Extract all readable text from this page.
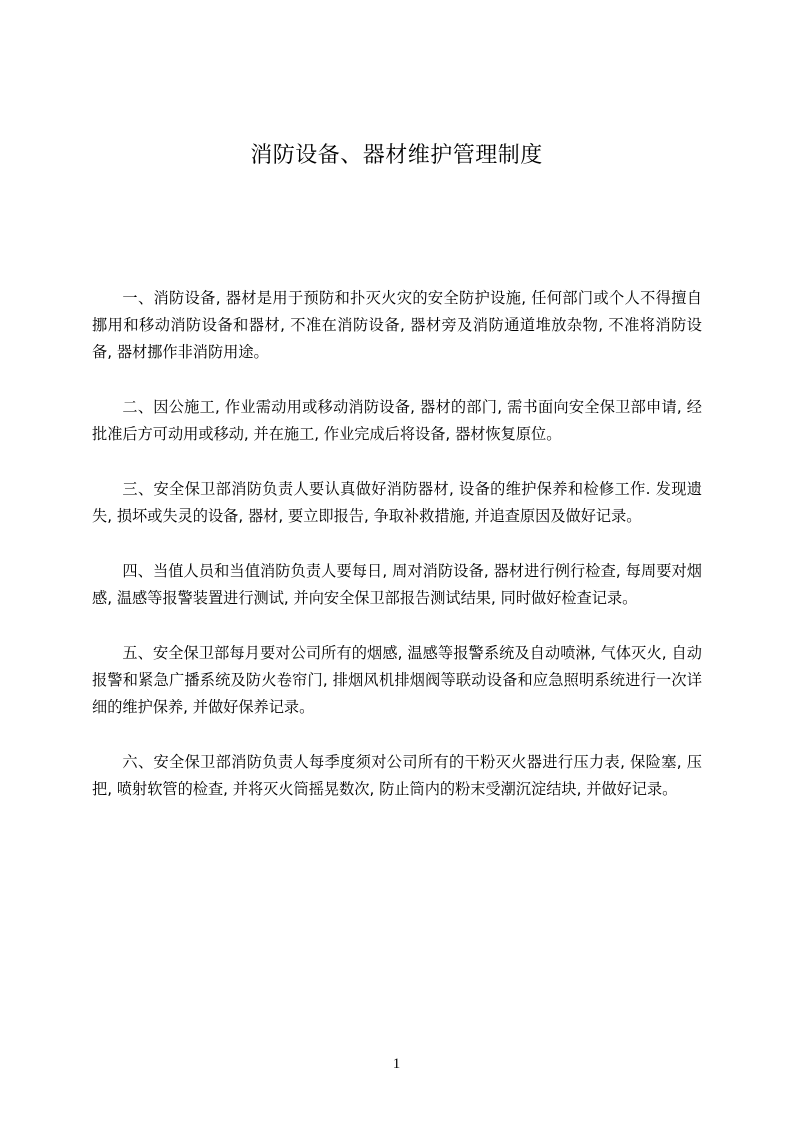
消防设备、器材维护管理制度

一、消防设备, 器材是用于预防和扑灭火灾的安全防护设施, 任何部门或个人不得擅自挪用和移动消防设备和器材, 不准在消防设备, 器材旁及消防通道堆放杂物, 不准将消防设备, 器材挪作非消防用途。

二、因公施工, 作业需动用或移动消防设备, 器材的部门, 需书面向安全保卫部申请, 经批准后方可动用或移动, 并在施工, 作业完成后将设备, 器材恢复原位。

三、安全保卫部消防负责人要认真做好消防器材, 设备的维护保养和检修工作. 发现遗失, 损坏或失灵的设备, 器材, 要立即报告, 争取补救措施, 并追查原因及做好记录。

四、当值人员和当值消防负责人要每日, 周对消防设备, 器材进行例行检查, 每周要对烟感, 温感等报警装置进行测试, 并向安全保卫部报告测试结果, 同时做好检查记录。

五、安全保卫部每月要对公司所有的烟感, 温感等报警系统及自动喷淋, 气体灭火, 自动报警和紧急广播系统及防火卷帘门, 排烟风机排烟阀等联动设备和应急照明系统进行一次详细的维护保养, 并做好保养记录。

六、安全保卫部消防负责人每季度须对公司所有的干粉灭火器进行压力表, 保险塞, 压把, 喷射软管的检查, 并将灭火筒摇晃数次, 防止筒内的粉末受潮沉淀结块, 并做好记录。

1
